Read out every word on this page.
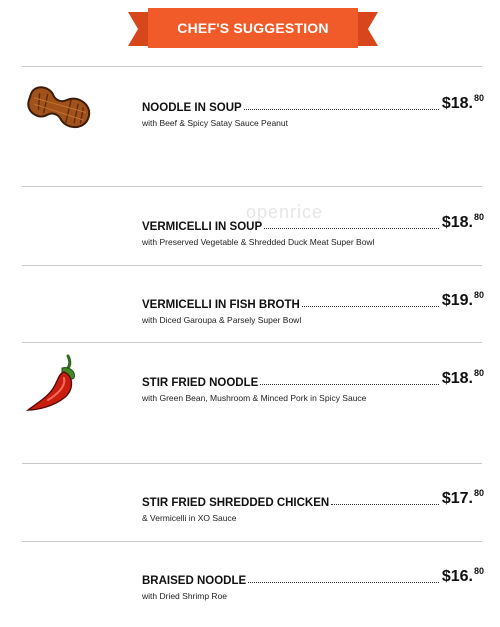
CHEF'S SUGGESTION
NOODLE IN SOUP	$18.80
with Beef & Spicy Satay Sauce Peanut
openrice
VERMICELLI IN SOUP	$18.80
with Preserved Vegetable & Shredded Duck Meat Super Bowl
VERMICELLI IN FISH BROTH	$19.80
with Diced Garoupa & Parsely Super Bowl
STIR FRIED NOODLE	$18.80
with Green Bean, Mushroom & Minced Pork in Spicy Sauce
STIR FRIED SHREDDED CHICKEN	$17.80
& Vermicelli in XO Sauce
BRAISED NOODLE	$16.80
with Dried Shrimp Roe
